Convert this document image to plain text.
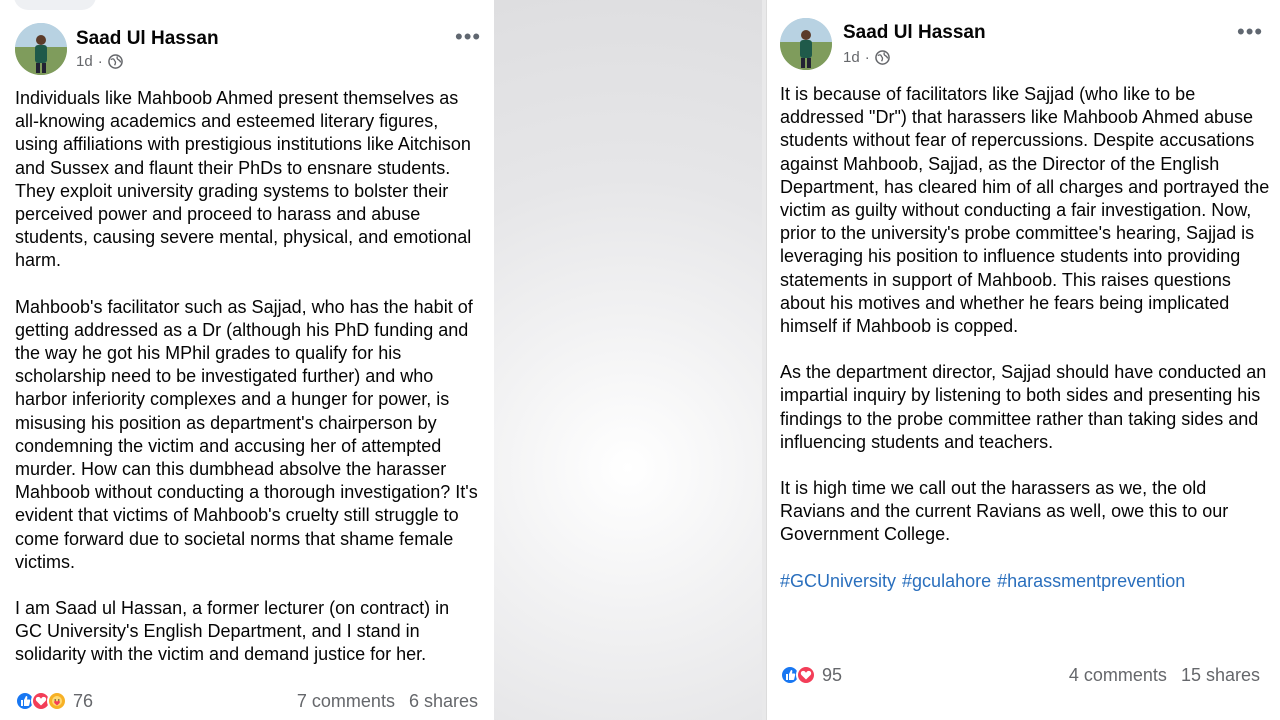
Saad Ul Hassan
1d ·
•••

Individuals like Mahboob Ahmed present themselves as all-knowing academics and esteemed literary figures, using affiliations with prestigious institutions like Aitchison and Sussex and flaunt their PhDs to ensnare students. They exploit university grading systems to bolster their perceived power and proceed to harass and abuse students, causing severe mental, physical, and emotional harm.

Mahboob's facilitator such as Sajjad, who has the habit of getting addressed as a Dr (although his PhD funding and the way he got his MPhil grades to qualify for his scholarship need to be investigated further) and who harbor inferiority complexes and a hunger for power, is misusing his position as department's chairperson by condemning the victim and accusing her of attempted murder. How can this dumbhead absolve the harasser Mahboob without conducting a thorough investigation? It's evident that victims of Mahboob's cruelty still struggle to come forward due to societal norms that shame female victims.

I am Saad ul Hassan, a former lecturer (on contract) in GC University's English Department, and I stand in solidarity with the victim and demand justice for her.

76	7 comments 6 shares
Saad Ul Hassan
1d ·
•••

It is because of facilitators like Sajjad (who like to be addressed "Dr") that harassers like Mahboob Ahmed abuse students without fear of repercussions. Despite accusations against Mahboob, Sajjad, as the Director of the English Department, has cleared him of all charges and portrayed the victim as guilty without conducting a fair investigation. Now, prior to the university's probe committee's hearing, Sajjad is leveraging his position to influence students into providing statements in support of Mahboob. This raises questions about his motives and whether he fears being implicated himself if Mahboob is copped.

As the department director, Sajjad should have conducted an impartial inquiry by listening to both sides and presenting his findings to the probe committee rather than taking sides and influencing students and teachers.

It is high time we call out the harassers as we, the old Ravians and the current Ravians as well, owe this to our Government College.

#GCUniversity #gculahore #harassmentprevention

95	4 comments 15 shares
